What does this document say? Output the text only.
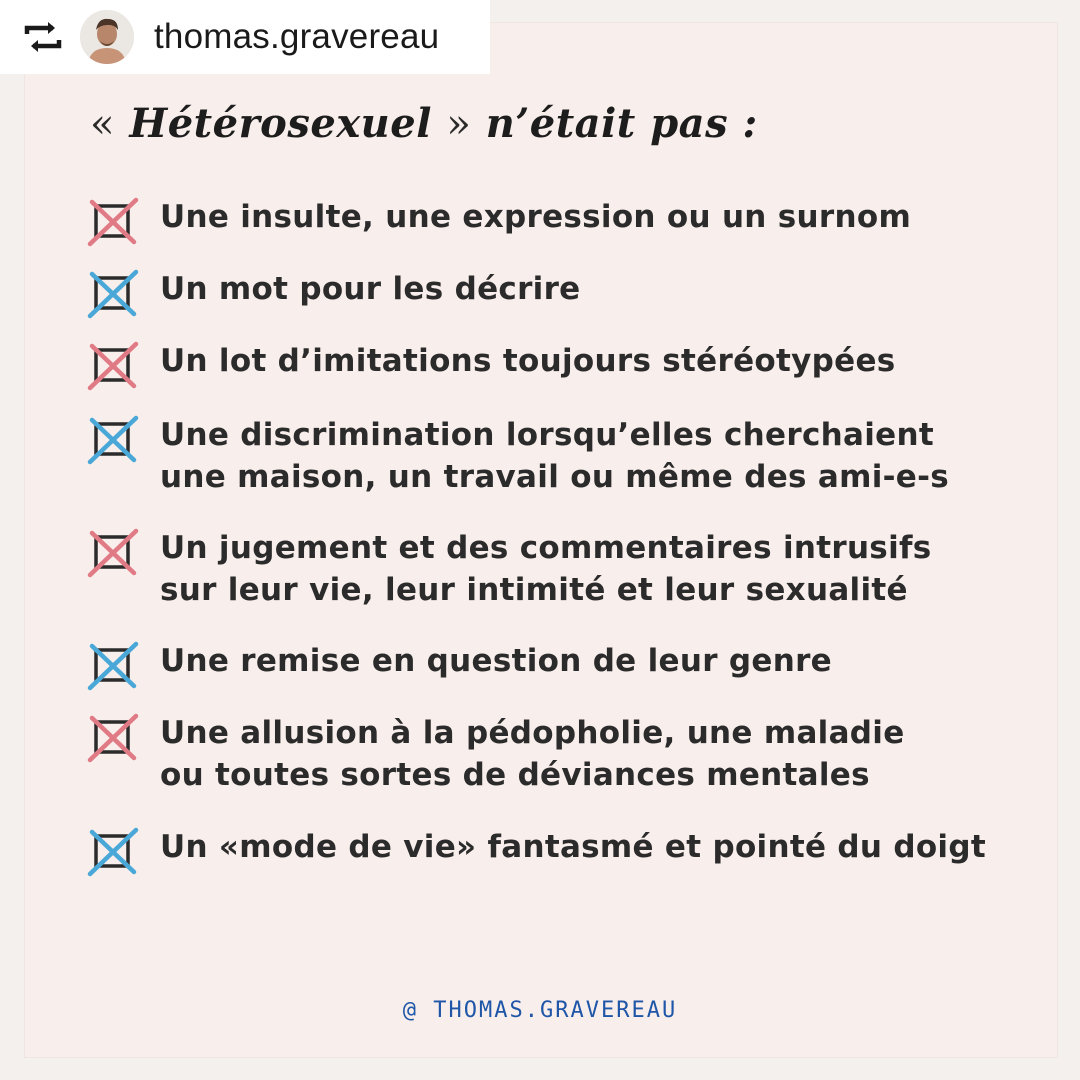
thomas.gravereau
« Hétérosexuel » n’était pas :
Une insulte, une expression ou un surnom
Un mot pour les décrire
Un lot d’imitations toujours stéréotypées
Une discrimination lorsqu’elles cherchaient
une maison, un travail ou même des ami-e-s
Un jugement et des commentaires intrusifs
sur leur vie, leur intimité et leur sexualité
Une remise en question de leur genre
Une allusion à la pédopholie, une maladie
ou toutes sortes de déviances mentales
Un «mode de vie» fantasmé et pointé du doigt
@ THOMAS.GRAVEREAU
